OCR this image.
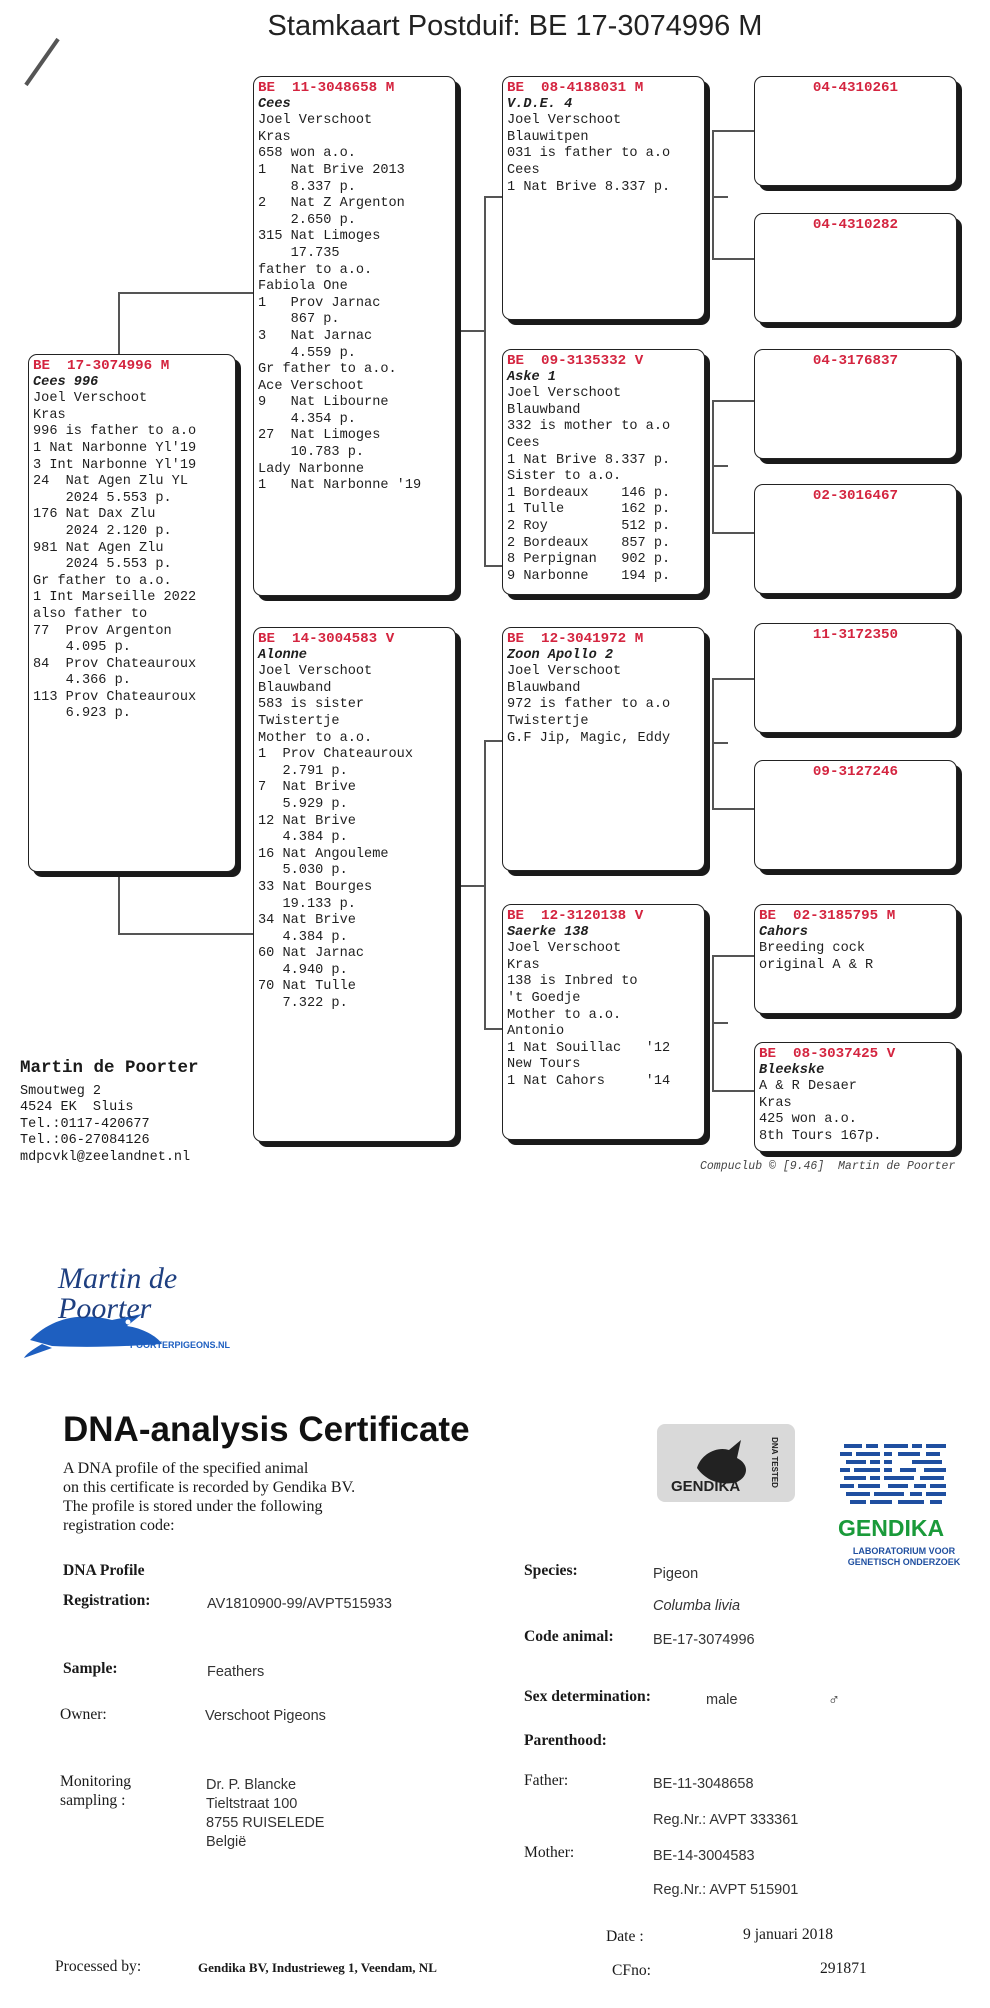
Stamkaart Postduif: BE 17-3074996 M
BE  17-3074996 M
Cees 996
Joel Verschoot
Kras
996 is father to a.o
1 Nat Narbonne Yl'19
3 Int Narbonne Yl'19
24  Nat Agen Zlu YL
2024 5.553 p.
176 Nat Dax Zlu
2024 2.120 p.
981 Nat Agen Zlu
2024 5.553 p.
Gr father to a.o.
1 Int Marseille 2022
also father to
77  Prov Argenton
4.095 p.
84  Prov Chateauroux
4.366 p.
113 Prov Chateauroux
6.923 p.
BE  11-3048658 M
Cees
Joel Verschoot
Kras
658 won a.o.
1   Nat Brive 2013
8.337 p.
2   Nat Z Argenton
2.650 p.
315 Nat Limoges
17.735
father to a.o.
Fabiola One
1   Prov Jarnac
867 p.
3   Nat Jarnac
4.559 p.
Gr father to a.o.
Ace Verschoot
9   Nat Libourne
4.354 p.
27  Nat Limoges
10.783 p.
Lady Narbonne
1   Nat Narbonne '19
BE  14-3004583 V
Alonne
Joel Verschoot
Blauwband
583 is sister
Twistertje
Mother to a.o.
1  Prov Chateauroux
2.791 p.
7  Nat Brive
5.929 p.
12 Nat Brive
4.384 p.
16 Nat Angouleme
5.030 p.
33 Nat Bourges
19.133 p.
34 Nat Brive
4.384 p.
60 Nat Jarnac
4.940 p.
70 Nat Tulle
7.322 p.
BE  08-4188031 M
V.D.E. 4
Joel Verschoot
Blauwitpen
031 is father to a.o
Cees
1 Nat Brive 8.337 p.
BE  09-3135332 V
Aske 1
Joel Verschoot
Blauwband
332 is mother to a.o
Cees
1 Nat Brive 8.337 p.
Sister to a.o.
1 Bordeaux    146 p.
1 Tulle       162 p.
2 Roy         512 p.
2 Bordeaux    857 p.
8 Perpignan   902 p.
9 Narbonne    194 p.
BE  12-3041972 M
Zoon Apollo 2
Joel Verschoot
Blauwband
972 is father to a.o
Twistertje
G.F Jip, Magic, Eddy
BE  12-3120138 V
Saerke 138
Joel Verschoot
Kras
138 is Inbred to
't Goedje
Mother to a.o.
Antonio
1 Nat Souillac   '12
New Tours
1 Nat Cahors     '14
04-4310261
04-4310282
04-3176837
02-3016467
11-3172350
09-3127246
BE  02-3185795 M
Cahors
Breeding cock
original A & R
BE  08-3037425 V
Bleekske
A & R Desaer
Kras
425 won a.o.
8th Tours 167p.
Martin de Poorter
Smoutweg 2
4524 EK  Sluis
Tel.:0117-420677
Tel.:06-27084126
mdpcvkl@zeelandnet.nl
Compuclub © [9.46]  Martin de Poorter
Martin de Poorter
POORTERPIGEONS.NL
DNA-analysis Certificate
A DNA profile of the specified animal
on this certificate is recorded by Gendika BV.
The profile is stored under the following
registration code:
GENDIKA	DNA TESTED
GENDIKA
LABORATORIUM VOOR
GENETISCH ONDERZOEK
DNA Profile
Registration:	AV1810900-99/AVPT515933
Sample:	Feathers
Owner:	Verschoot Pigeons
Monitoring
sampling :
Dr. P. Blancke
Tieltstraat 100
8755 RUISELEDE
België
Species:	Pigeon
Columba livia
Code animal:	BE-17-3074996
Sex determination:	male	♂
Parenthood:
Father:	BE-11-3048658
Reg.Nr.: AVPT 333361
Mother:	BE-14-3004583
Reg.Nr.: AVPT 515901
Date :	9 januari 2018
Processed by:	Gendika BV, Industrieweg 1, Veendam, NL	CFno:	291871
